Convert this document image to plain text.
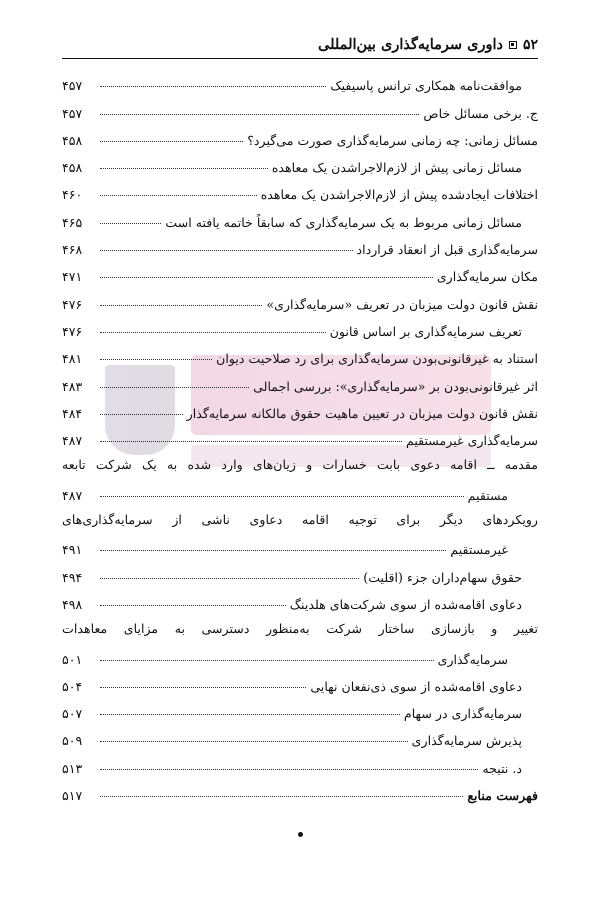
۵۲
داوری سرمایه‌گذاری بین‌المللی
موافقت‌نامه همکاری ترانس پاسیفیک
۴۵۷
ج. برخی مسائل خاص
۴۵۷
مسائل زمانی: چه زمانی سرمایه‌گذاری صورت می‌گیرد؟
۴۵۸
مسائل زمانی پیش از لازم‌الاجراشدن یک معاهده
۴۵۸
اختلافات ایجادشده پیش از لازم‌الاجراشدن یک معاهده
۴۶۰
مسائل زمانی مربوط به یک سرمایه‌گذاری که سابقاً خاتمه یافته است
۴۶۵
سرمایه‌گذاری قبل از انعقاد قرارداد
۴۶۸
مکان سرمایه‌گذاری
۴۷۱
نقش قانون دولت میزبان در تعریف «سرمایه‌گذاری»
۴۷۶
تعریف سرمایه‌گذاری بر اساس قانون
۴۷۶
استناد به غیرقانونی‌بودن سرمایه‌گذاری برای رد صلاحیت دیوان
۴۸۱
اثر غیرقانونی‌بودن بر «سرمایه‌گذاری»: بررسی اجمالی
۴۸۳
نقش قانون دولت میزبان در تعیین ماهیت حقوق مالکانه سرمایه‌گذار
۴۸۴
سرمایه‌گذاری غیرمستقیم
۴۸۷
مقدمه ــ اقامه دعوی بابت خسارات و زیان‌های وارد شده به یک شرکت تابعه
مستقیم
۴۸۷
رویکردهای دیگر برای توجیه اقامه دعاوی ناشی از سرمایه‌گذاری‌های
غیرمستقیم
۴۹۱
حقوق سهام‌داران جزء (اقلیت)
۴۹۴
دعاوی اقامه‌شده از سوی شرکت‌های هلدینگ
۴۹۸
تغییر و بازسازی ساختار شرکت به‌منظور دسترسی به مزایای معاهدات
سرمایه‌گذاری
۵۰۱
دعاوی اقامه‌شده از سوی ذی‌نفعان نهایی
۵۰۴
سرمایه‌گذاری در سهام
۵۰۷
پذیرش سرمایه‌گذاری
۵۰۹
د. نتیجه
۵۱۳
فهرست منابع
۵۱۷
